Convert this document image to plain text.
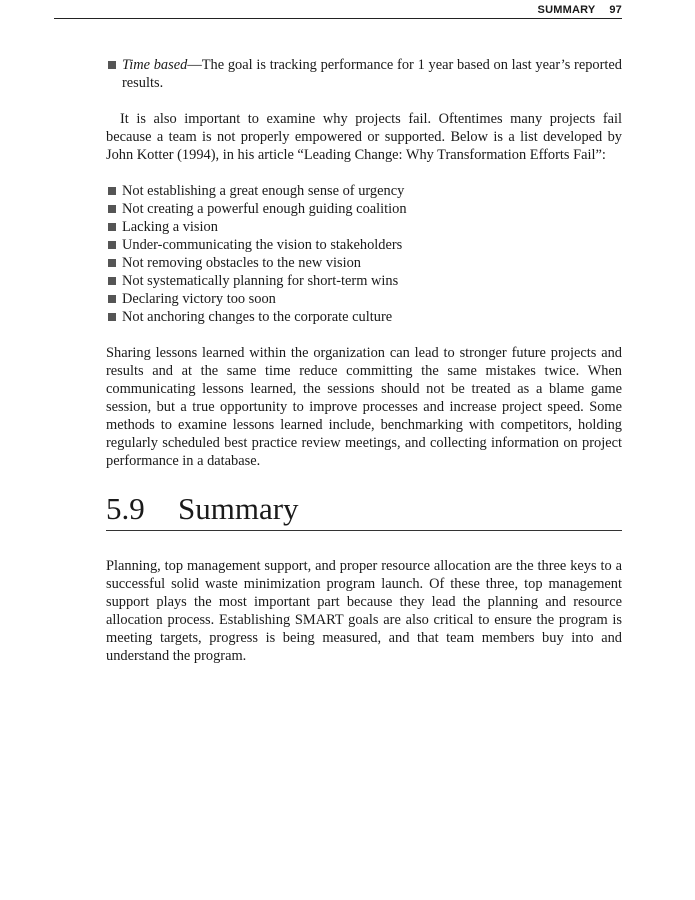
SUMMARY 97

Time based—The goal is tracking performance for 1 year based on last year’s reported results.

It is also important to examine why projects fail. Oftentimes many projects fail because a team is not properly empowered or supported. Below is a list developed by John Kotter (1994), in his article “Leading Change: Why Transformation Efforts Fail”:

Not establishing a great enough sense of urgency
Not creating a powerful enough guiding coalition
Lacking a vision
Under-communicating the vision to stakeholders
Not removing obstacles to the new vision
Not systematically planning for short-term wins
Declaring victory too soon
Not anchoring changes to the corporate culture

Sharing lessons learned within the organization can lead to stronger future projects and results and at the same time reduce committing the same mistakes twice. When communicating lessons learned, the sessions should not be treated as a blame game session, but a true opportunity to improve processes and increase project speed. Some methods to examine lessons learned include, benchmarking with competitors, holding regularly scheduled best practice review meetings, and collecting information on project performance in a database.

5.9 Summary

Planning, top management support, and proper resource allocation are the three keys to a successful solid waste minimization program launch. Of these three, top management support plays the most important part because they lead the planning and resource allocation process. Establishing SMART goals are also critical to ensure the program is meeting targets, progress is being measured, and that team members buy into and understand the program.
